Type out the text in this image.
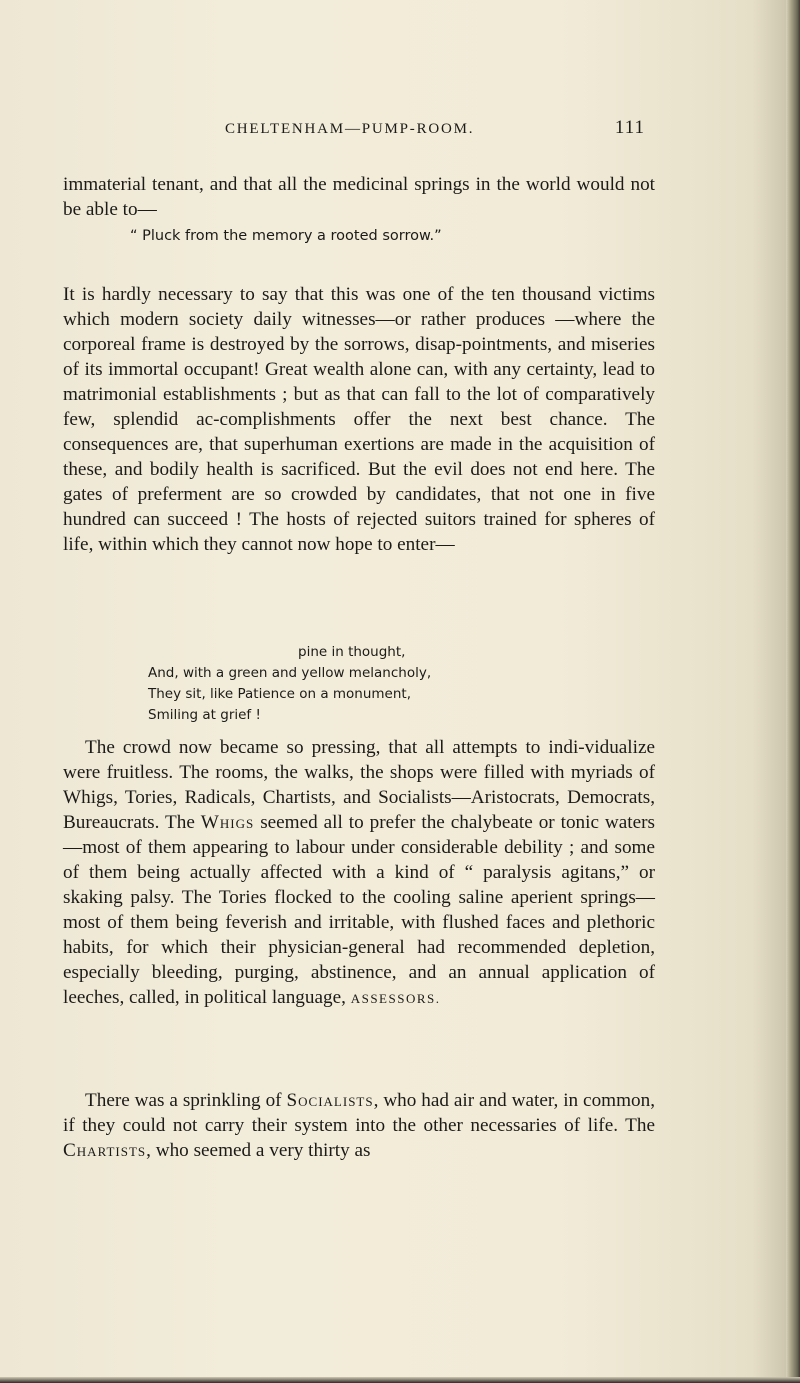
CHELTENHAM—PUMP-ROOM.	111

immaterial tenant, and that all the medicinal springs in the world would not be able to—

“ Pluck from the memory a rooted sorrow.”

It is hardly necessary to say that this was one of the ten thousand victims which modern society daily witnesses—or rather produces —where the corporeal frame is destroyed by the sorrows, disap-pointments, and miseries of its immortal occupant! Great wealth alone can, with any certainty, lead to matrimonial establishments ; but as that can fall to the lot of comparatively few, splendid ac-complishments offer the next best chance. The consequences are, that superhuman exertions are made in the acquisition of these, and bodily health is sacrificed. But the evil does not end here. The gates of preferment are so crowded by candidates, that not one in five hundred can succeed ! The hosts of rejected suitors trained for spheres of life, within which they cannot now hope to enter—

pine in thought,
And, with a green and yellow melancholy,
They sit, like Patience on a monument,
Smiling at grief !

The crowd now became so pressing, that all attempts to indi-vidualize were fruitless. The rooms, the walks, the shops were filled with myriads of Whigs, Tories, Radicals, Chartists, and Socialists—Aristocrats, Democrats, Bureaucrats. The Whigs seemed all to prefer the chalybeate or tonic waters—most of them appearing to labour under considerable debility ; and some of them being actually affected with a kind of “ paralysis agitans,” or skaking palsy. The Tories flocked to the cooling saline aperient springs—most of them being feverish and irritable, with flushed faces and plethoric habits, for which their physician-general had recommended depletion, especially bleeding, purging, abstinence, and an annual application of leeches, called, in political language, ASSESSORS.

There was a sprinkling of Socialists, who had air and water, in common, if they could not carry their system into the other necessaries of life. The Chartists, who seemed a very thirty as
